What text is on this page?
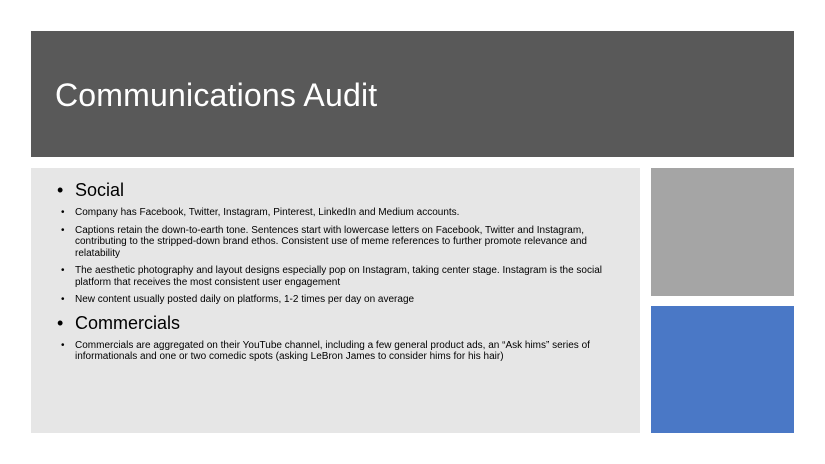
Communications Audit
• Social
• Company has Facebook, Twitter, Instagram, Pinterest, LinkedIn and Medium accounts.
• Captions retain the down-to-earth tone. Sentences start with lowercase letters on Facebook, Twitter and Instagram, contributing to the stripped-down brand ethos. Consistent use of meme references to further promote relevance and relatability
• The aesthetic photography and layout designs especially pop on Instagram, taking center stage. Instagram is the social platform that receives the most consistent user engagement
• New content usually posted daily on platforms, 1-2 times per day on average
• Commercials
• Commercials are aggregated on their YouTube channel, including a few general product ads, an “Ask hims” series of informationals and one or two comedic spots (asking LeBron James to consider hims for his hair)
